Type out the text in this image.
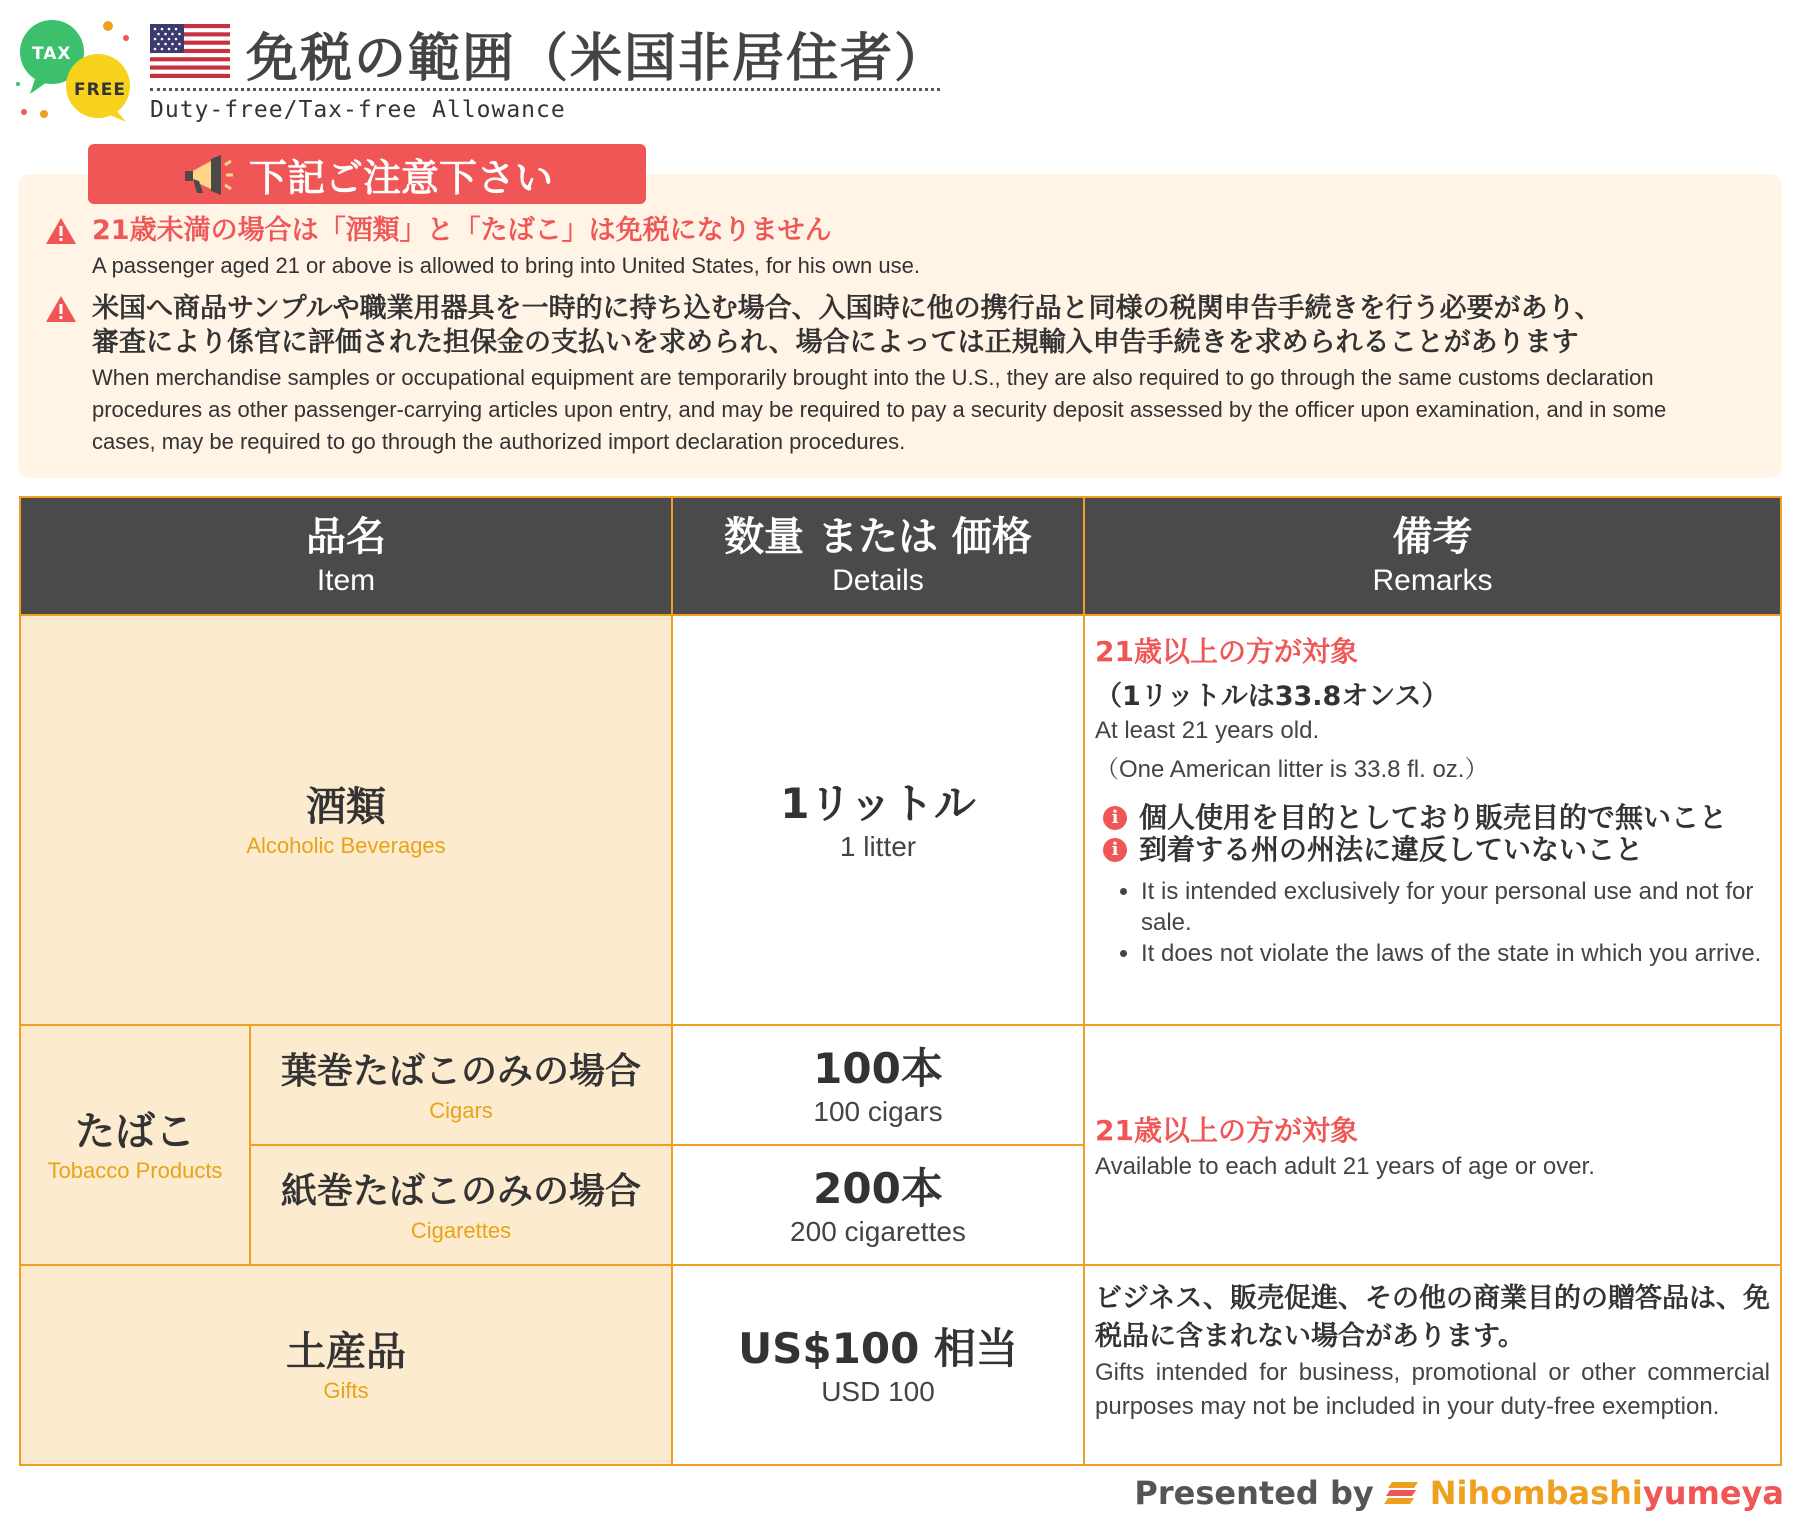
TAX
FREE
免税の範囲（米国非居住者）
Duty-free/Tax-free Allowance
下記ご注意下さい
21歳未満の場合は「酒類」と「たばこ」は免税になりません
A passenger aged 21 or above is allowed to bring into United States, for his own use.
米国へ商品サンプルや職業用器具を一時的に持ち込む場合、入国時に他の携行品と同様の税関申告手続きを行う必要があり、
審査により係官に評価された担保金の支払いを求められ、場合によっては正規輸入申告手続きを求められることがあります
When merchandise samples or occupational equipment are temporarily brought into the U.S., they are also required to go through the same customs declaration procedures as other passenger-carrying articles upon entry, and may be required to pay a security deposit assessed by the officer upon examination, and in some cases, may be required to go through the authorized import declaration procedures.
品名
Item
数量 または 価格
Details
備考
Remarks
酒類
Alcoholic Beverages
1リットル
1 litter
21歳以上の方が対象
（1リットルは33.8オンス）
At least 21 years old.
（One American litter is 33.8 fl. oz.）
i 個人使用を目的としており販売目的で無いこと
i 到着する州の州法に違反していないこと
• It is intended exclusively for your personal use and not for sale.
• It does not violate the laws of the state in which you arrive.
たばこ
Tobacco Products
葉巻たばこのみの場合
Cigars
紙巻たばこのみの場合
Cigarettes
100本
100 cigars
200本
200 cigarettes
21歳以上の方が対象
Available to each adult 21 years of age or over.
土産品
Gifts
US$100 相当
USD 100
ビジネス、販売促進、その他の商業目的の贈答品は、免税品に含まれない場合があります。
Gifts intended for business, promotional or other commercial purposes may not be included in your duty-free exemption.
Presented by Nihombashiyumeya
